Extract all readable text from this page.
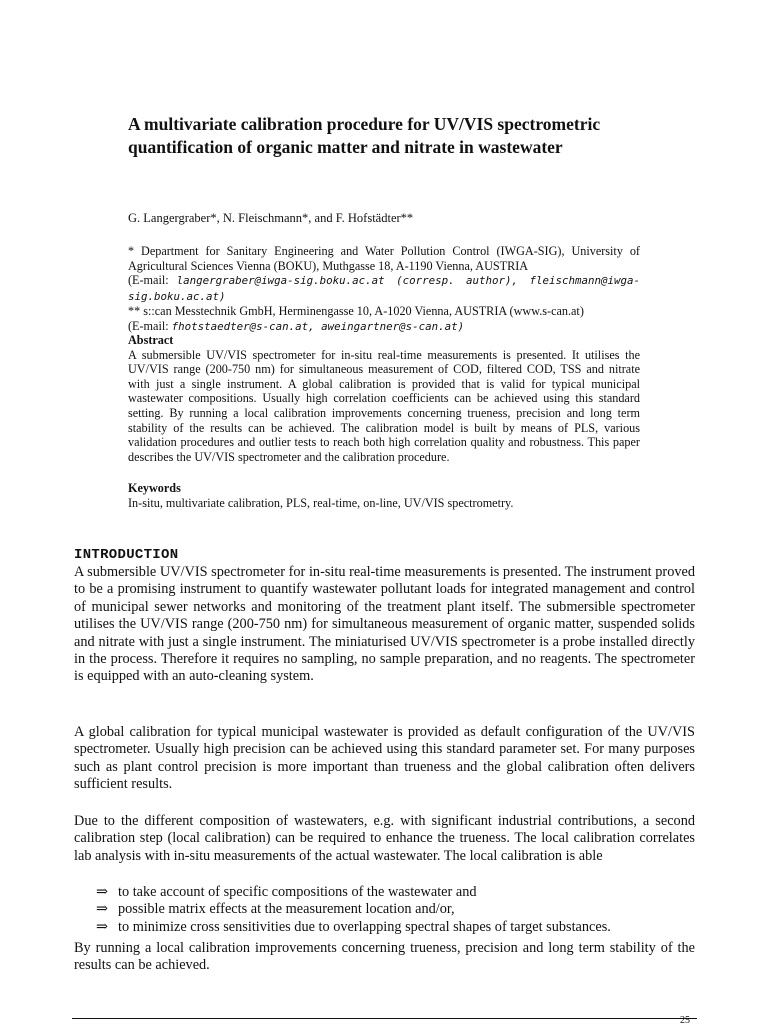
A multivariate calibration procedure for UV/VIS spectrometric quantification of organic matter and nitrate in wastewater

G. Langergraber*, N. Fleischmann*, and F. Hofstädter**

* Department for Sanitary Engineering and Water Pollution Control (IWGA-SIG), University of Agricultural Sciences Vienna (BOKU), Muthgasse 18, A-1190 Vienna, AUSTRIA
(E-mail: langergraber@iwga-sig.boku.ac.at (corresp. author), fleischmann@iwga-sig.boku.ac.at)
** s::can Messtechnik GmbH, Herminengasse 10, A-1020 Vienna, AUSTRIA (www.s-can.at)
(E-mail: fhotstaedter@s-can.at, aweingartner@s-can.at)
Abstract

A submersible UV/VIS spectrometer for in-situ real-time measurements is presented. It utilises the UV/VIS range (200-750 nm) for simultaneous measurement of COD, filtered COD, TSS and nitrate with just a single instrument. A global calibration is provided that is valid for typical municipal wastewater compositions. Usually high correlation coefficients can be achieved using this standard setting. By running a local calibration improvements concerning trueness, precision and long term stability of the results can be achieved. The calibration model is built by means of PLS, various validation procedures and outlier tests to reach both high correlation quality and robustness. This paper describes the UV/VIS spectrometer and the calibration procedure.

Keywords

In-situ, multivariate calibration, PLS, real-time, on-line, UV/VIS spectrometry.

INTRODUCTION

A submersible UV/VIS spectrometer for in-situ real-time measurements is presented. The instrument proved to be a promising instrument to quantify wastewater pollutant loads for integrated management and control of municipal sewer networks and monitoring of the treatment plant itself. The submersible spectrometer utilises the UV/VIS range (200-750 nm) for simultaneous measurement of organic matter, suspended solids and nitrate with just a single instrument. The miniaturised UV/VIS spectrometer is a probe installed directly in the process. Therefore it requires no sampling, no sample preparation, and no reagents. The spectrometer is equipped with an auto-cleaning system.

A global calibration for typical municipal wastewater is provided as default configuration of the UV/VIS spectrometer. Usually high precision can be achieved using this standard parameter set. For many purposes such as plant control precision is more important than trueness and the global calibration often delivers sufficient results.

Due to the different composition of wastewaters, e.g. with significant industrial contributions, a second calibration step (local calibration) can be required to enhance the trueness. The local calibration correlates lab analysis with in-situ measurements of the actual wastewater. The local calibration is able

⇒ to take account of specific compositions of the wastewater and
⇒ possible matrix effects at the measurement location and/or,
⇒ to minimize cross sensitivities due to overlapping spectral shapes of target substances.

By running a local calibration improvements concerning trueness, precision and long term stability of the results can be achieved.

25
